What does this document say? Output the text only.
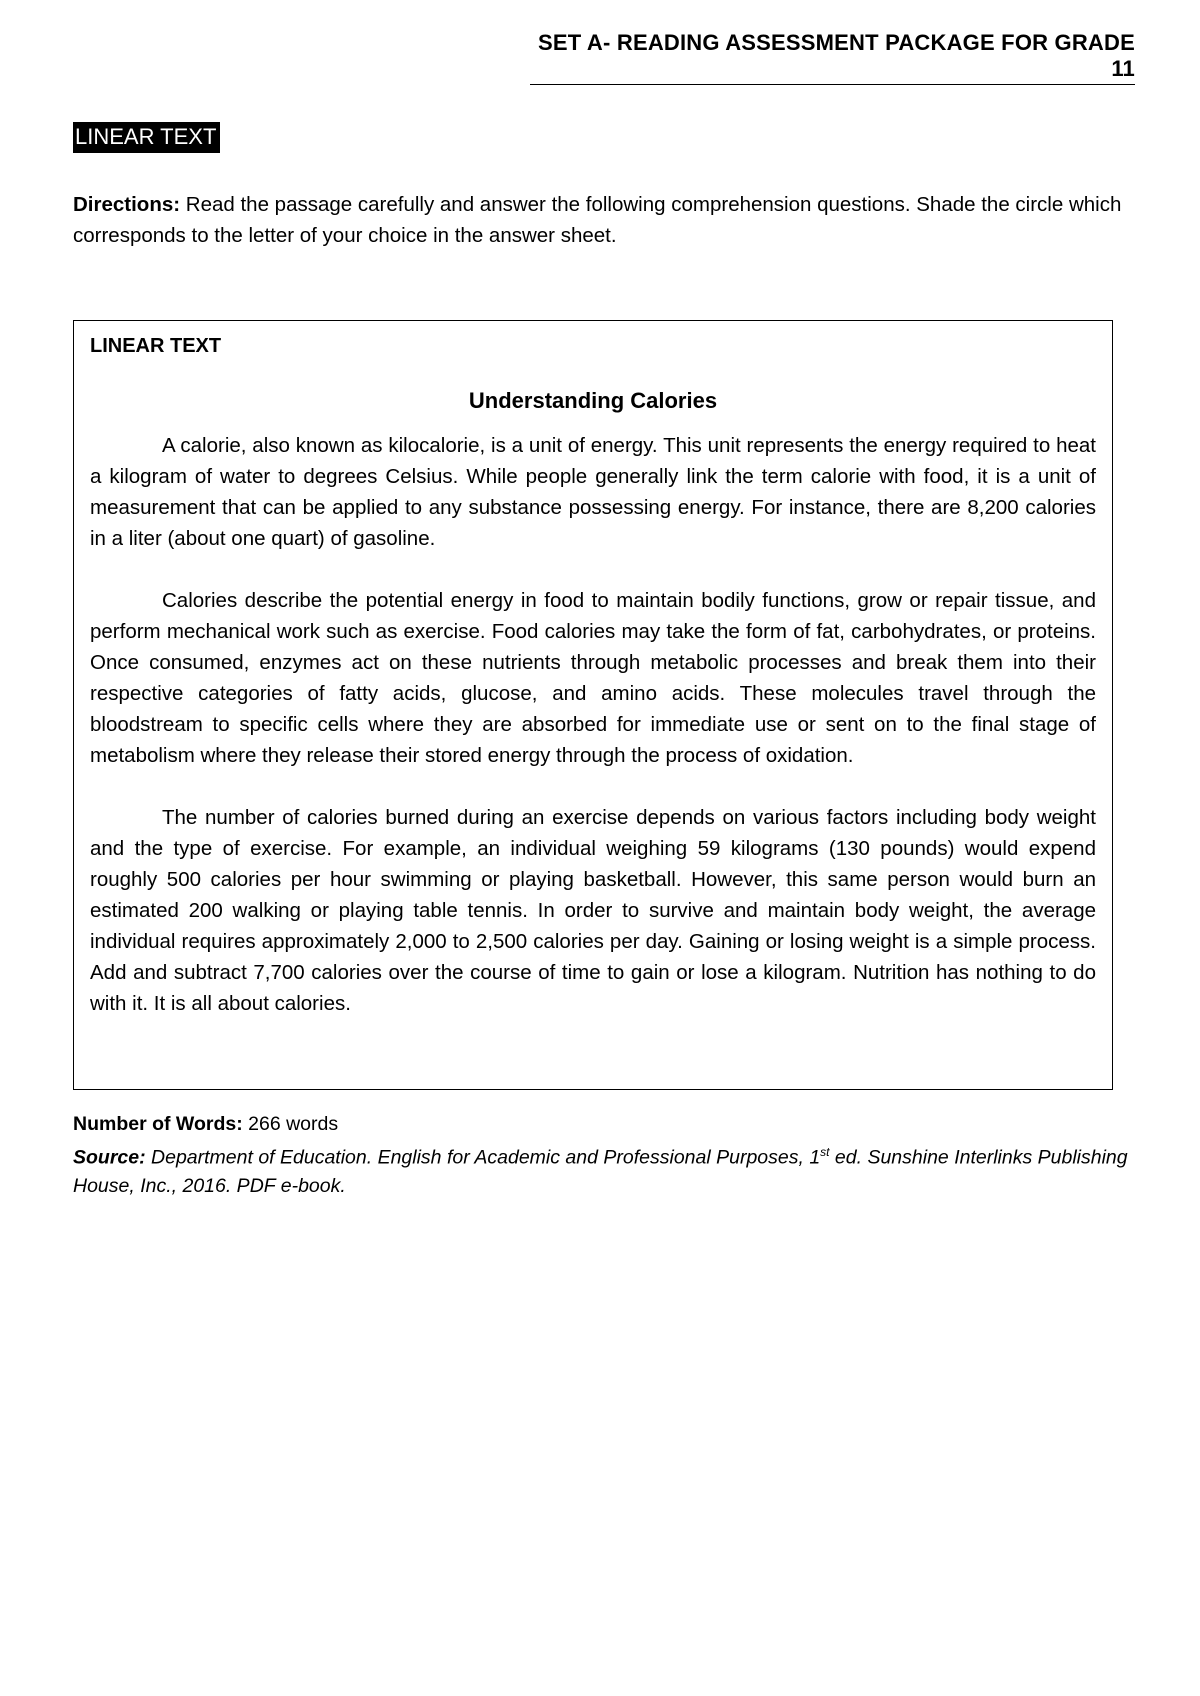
SET A- READING ASSESSMENT PACKAGE FOR GRADE 11
LINEAR TEXT
Directions: Read the passage carefully and answer the following comprehension questions. Shade the circle which corresponds to the letter of your choice in the answer sheet.
LINEAR TEXT
Understanding Calories

A calorie, also known as kilocalorie, is a unit of energy. This unit represents the energy required to heat a kilogram of water to degrees Celsius. While people generally link the term calorie with food, it is a unit of measurement that can be applied to any substance possessing energy. For instance, there are 8,200 calories in a liter (about one quart) of gasoline.

Calories describe the potential energy in food to maintain bodily functions, grow or repair tissue, and perform mechanical work such as exercise. Food calories may take the form of fat, carbohydrates, or proteins. Once consumed, enzymes act on these nutrients through metabolic processes and break them into their respective categories of fatty acids, glucose, and amino acids. These molecules travel through the bloodstream to specific cells where they are absorbed for immediate use or sent on to the final stage of metabolism where they release their stored energy through the process of oxidation.

The number of calories burned during an exercise depends on various factors including body weight and the type of exercise. For example, an individual weighing 59 kilograms (130 pounds) would expend roughly 500 calories per hour swimming or playing basketball. However, this same person would burn an estimated 200 walking or playing table tennis. In order to survive and maintain body weight, the average individual requires approximately 2,000 to 2,500 calories per day. Gaining or losing weight is a simple process. Add and subtract 7,700 calories over the course of time to gain or lose a kilogram. Nutrition has nothing to do with it. It is all about calories.

Number of Words: 266 words
Source: Department of Education. English for Academic and Professional Purposes, 1st ed. Sunshine Interlinks Publishing House, Inc., 2016. PDF e-book.
